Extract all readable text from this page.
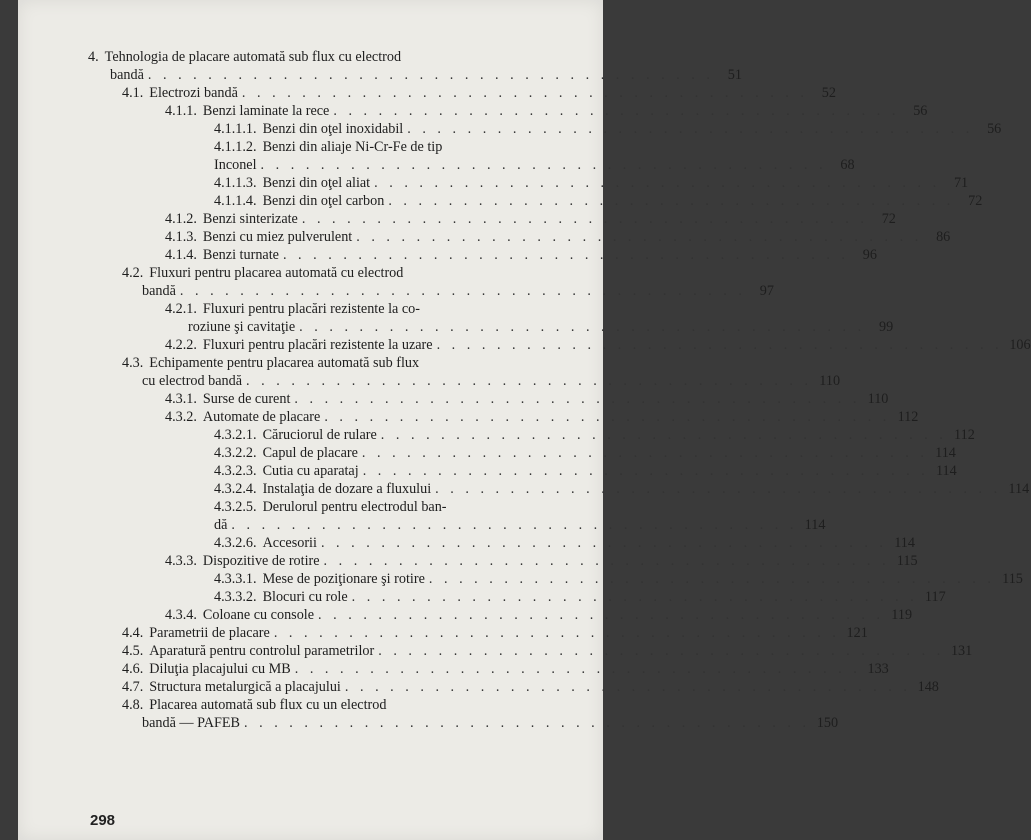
4. Tehnologia de placare automată sub flux cu electrod
bandă . . . . . . . . . . . . . . . . . . . . . . . . . . . . . . . . . . . . . . 51
4.1. Electrozi bandă . . . . . . . . . . . . . . . . . . . . . . . . . . . . . . . . . . . . . . 52
4.1.1. Benzi laminate la rece . . . . . . . . . . . . . . . . . . . . . . . . . . . . . . . . . . . . . . 56
4.1.1.1. Benzi din oţel inoxidabil . . . . . . . . . . . . . . . . . . . . . . . . . . . . . . . . . . . . . . 56
4.1.1.2. Benzi din aliaje Ni-Cr-Fe de tip
Inconel . . . . . . . . . . . . . . . . . . . . . . . . . . . . . . . . . . . . . . 68
4.1.1.3. Benzi din oţel aliat . . . . . . . . . . . . . . . . . . . . . . . . . . . . . . . . . . . . . . 71
4.1.1.4. Benzi din oţel carbon . . . . . . . . . . . . . . . . . . . . . . . . . . . . . . . . . . . . . . 72
4.1.2. Benzi sinterizate . . . . . . . . . . . . . . . . . . . . . . . . . . . . . . . . . . . . . . 72
4.1.3. Benzi cu miez pulverulent . . . . . . . . . . . . . . . . . . . . . . . . . . . . . . . . . . . . . . 86
4.1.4. Benzi turnate . . . . . . . . . . . . . . . . . . . . . . . . . . . . . . . . . . . . . . 96
4.2. Fluxuri pentru placarea automată cu electrod
bandă . . . . . . . . . . . . . . . . . . . . . . . . . . . . . . . . . . . . . . 97
4.2.1. Fluxuri pentru placări rezistente la co-
roziune şi cavitaţie . . . . . . . . . . . . . . . . . . . . . . . . . . . . . . . . . . . . . . 99
4.2.2. Fluxuri pentru placări rezistente la uzare . . . . . . . . . . . . . . . . . . . . . . . . . . . . . . . . . . . . . . 106
4.3. Echipamente pentru placarea automată sub flux
cu electrod bandă . . . . . . . . . . . . . . . . . . . . . . . . . . . . . . . . . . . . . . 110
4.3.1. Surse de curent . . . . . . . . . . . . . . . . . . . . . . . . . . . . . . . . . . . . . . 110
4.3.2. Automate de placare . . . . . . . . . . . . . . . . . . . . . . . . . . . . . . . . . . . . . . 112
4.3.2.1. Căruciorul de rulare . . . . . . . . . . . . . . . . . . . . . . . . . . . . . . . . . . . . . . 112
4.3.2.2. Capul de placare . . . . . . . . . . . . . . . . . . . . . . . . . . . . . . . . . . . . . . 114
4.3.2.3. Cutia cu aparataj . . . . . . . . . . . . . . . . . . . . . . . . . . . . . . . . . . . . . . 114
4.3.2.4. Instalaţia de dozare a fluxului . . . . . . . . . . . . . . . . . . . . . . . . . . . . . . . . . . . . . . 114
4.3.2.5. Derulorul pentru electrodul ban-
dă . . . . . . . . . . . . . . . . . . . . . . . . . . . . . . . . . . . . . . 114
4.3.2.6. Accesorii . . . . . . . . . . . . . . . . . . . . . . . . . . . . . . . . . . . . . . 114
4.3.3. Dispozitive de rotire . . . . . . . . . . . . . . . . . . . . . . . . . . . . . . . . . . . . . . 115
4.3.3.1. Mese de poziţionare şi rotire . . . . . . . . . . . . . . . . . . . . . . . . . . . . . . . . . . . . . . 115
4.3.3.2. Blocuri cu role . . . . . . . . . . . . . . . . . . . . . . . . . . . . . . . . . . . . . . 117
4.3.4. Coloane cu console . . . . . . . . . . . . . . . . . . . . . . . . . . . . . . . . . . . . . . 119
4.4. Parametrii de placare . . . . . . . . . . . . . . . . . . . . . . . . . . . . . . . . . . . . . . 121
4.5. Aparatură pentru controlul parametrilor . . . . . . . . . . . . . . . . . . . . . . . . . . . . . . . . . . . . . . 131
4.6. Diluţia placajului cu MB . . . . . . . . . . . . . . . . . . . . . . . . . . . . . . . . . . . . . . 133
4.7. Structura metalurgică a placajului . . . . . . . . . . . . . . . . . . . . . . . . . . . . . . . . . . . . . . 148
4.8. Placarea automată sub flux cu un electrod
bandă — PAFEB . . . . . . . . . . . . . . . . . . . . . . . . . . . . . . . . . . . . . . 150
298
